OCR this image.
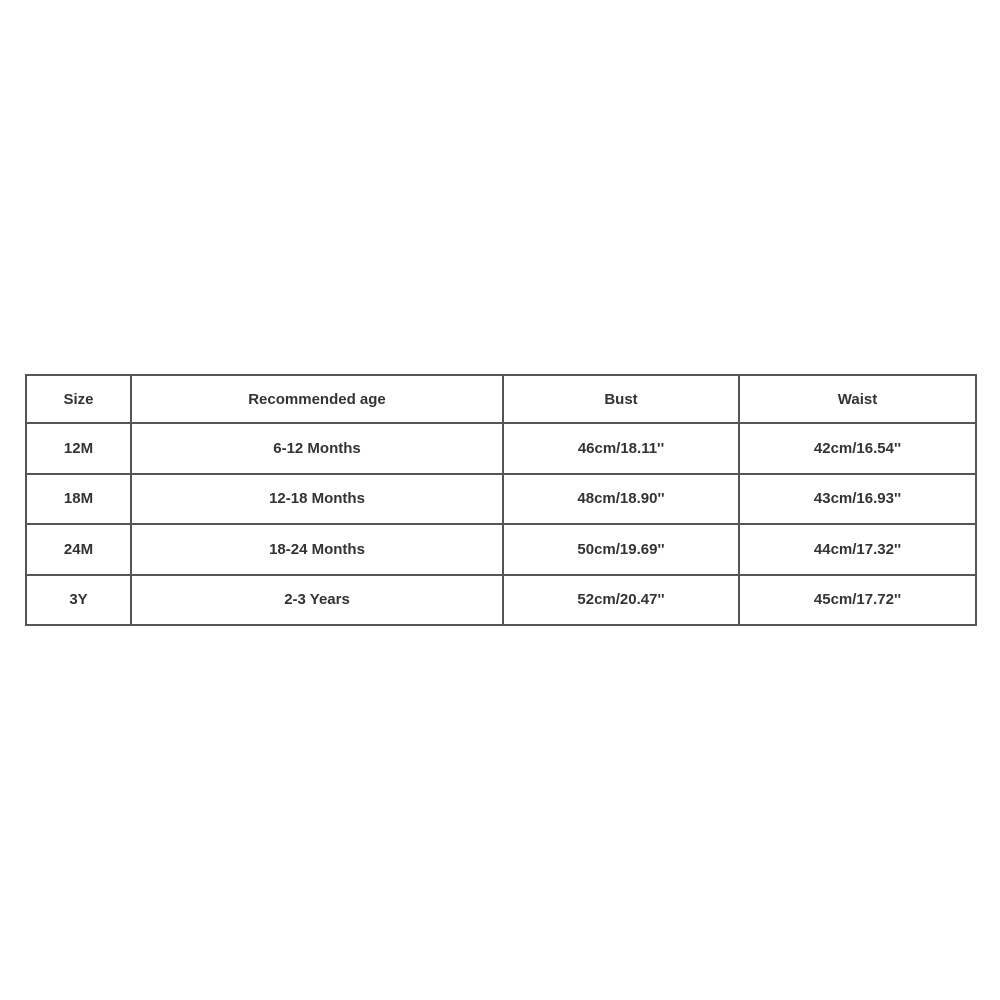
Size	Recommended age	Bust	Waist
12M	6-12 Months	46cm/18.11''	42cm/16.54''
18M	12-18 Months	48cm/18.90''	43cm/16.93''
24M	18-24 Months	50cm/19.69''	44cm/17.32''
3Y	2-3 Years	52cm/20.47''	45cm/17.72''
